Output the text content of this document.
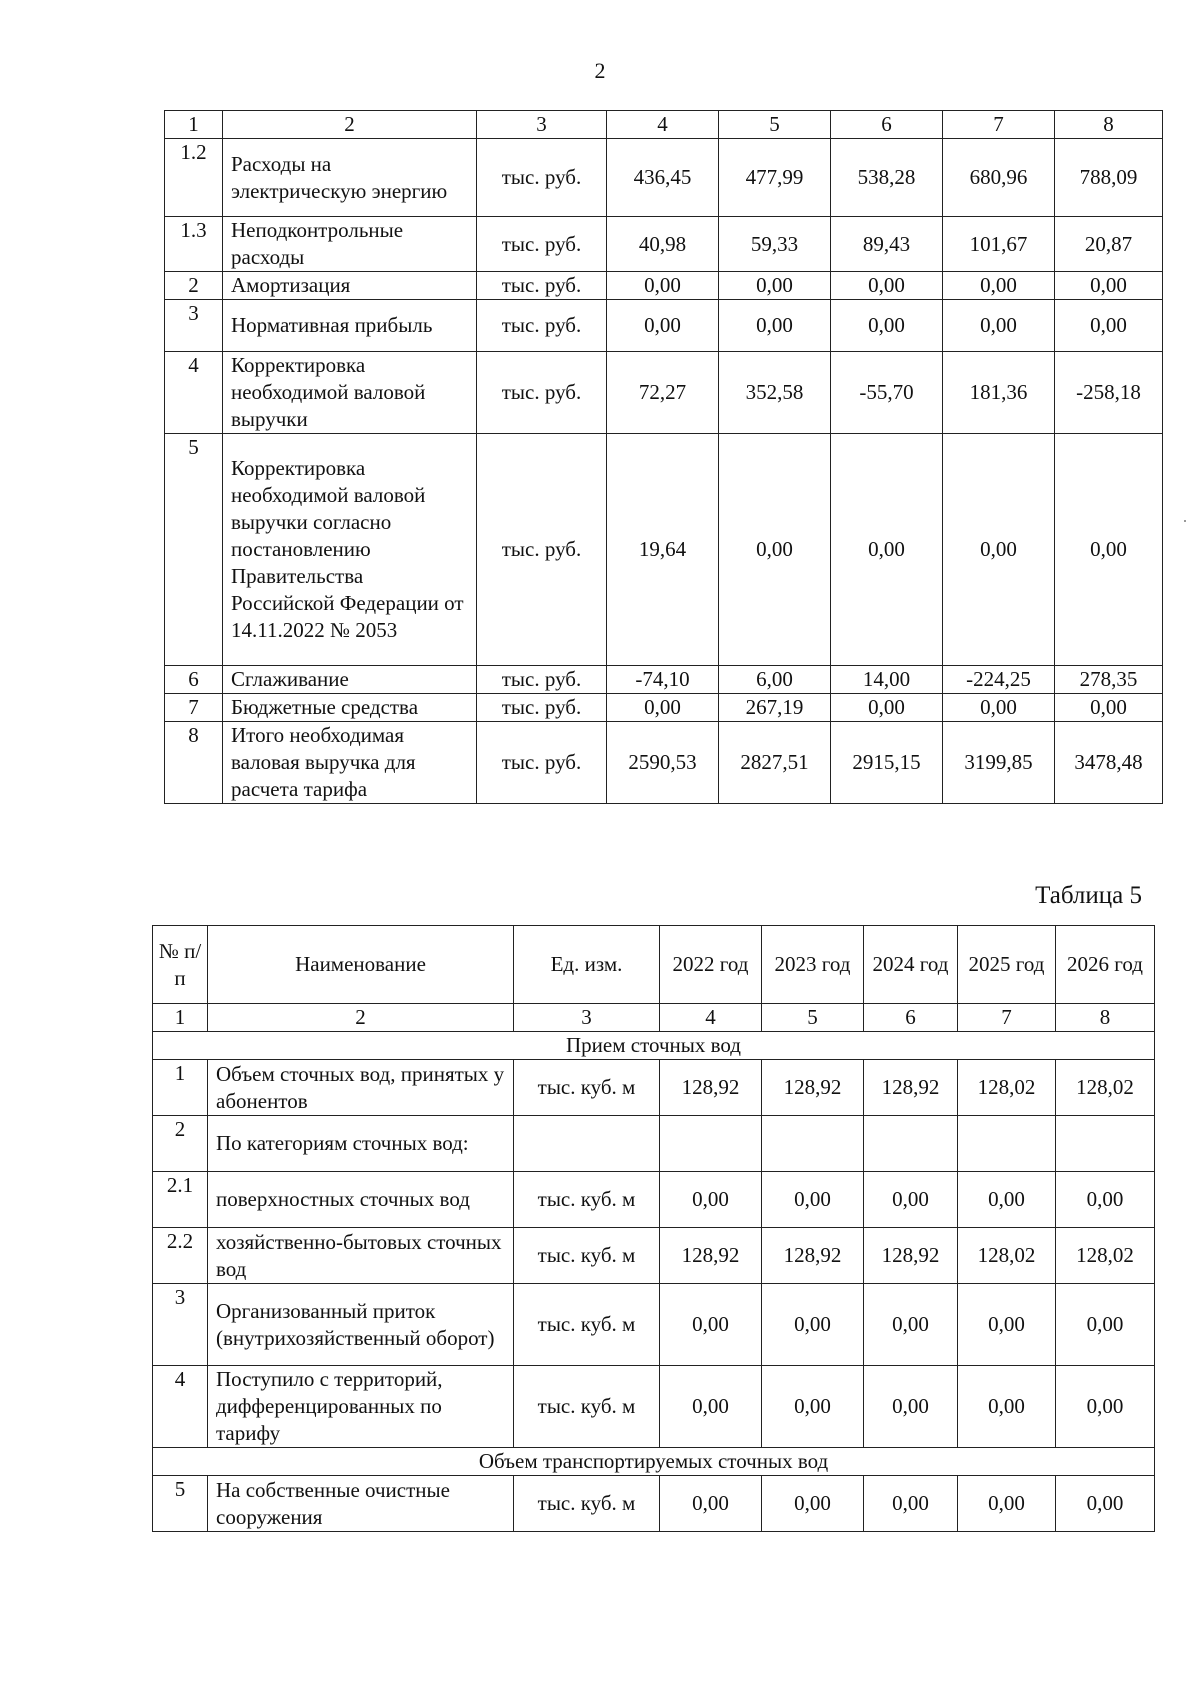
2
1	2	3	4	5	6	7	8
1.2	Расходы на электрическую энергию	тыс. руб.	436,45	477,99	538,28	680,96	788,09
1.3	Неподконтрольные расходы	тыс. руб.	40,98	59,33	89,43	101,67	20,87
2	Амортизация	тыс. руб.	0,00	0,00	0,00	0,00	0,00
3	Нормативная прибыль	тыс. руб.	0,00	0,00	0,00	0,00	0,00
4	Корректировка необходимой валовой выручки	тыс. руб.	72,27	352,58	-55,70	181,36	-258,18
5	Корректировка необходимой валовой выручки согласно постановлению Правительства Российской Федерации от 14.11.2022 № 2053	тыс. руб.	19,64	0,00	0,00	0,00	0,00
6	Сглаживание	тыс. руб.	-74,10	6,00	14,00	-224,25	278,35
7	Бюджетные средства	тыс. руб.	0,00	267,19	0,00	0,00	0,00
8	Итого необходимая валовая выручка для расчета тарифа	тыс. руб.	2590,53	2827,51	2915,15	3199,85	3478,48
Таблица 5
№ п/ п	Наименование	Ед. изм.	2022 год	2023 год	2024 год	2025 год	2026 год
1	2	3	4	5	6	7	8
Прием сточных вод							
1	Объем сточных вод, принятых у абонентов	тыс. куб. м	128,92	128,92	128,92	128,02	128,02
2	По категориям сточных вод:						
2.1	поверхностных сточных вод	тыс. куб. м	0,00	0,00	0,00	0,00	0,00
2.2	хозяйственно-бытовых сточных вод	тыс. куб. м	128,92	128,92	128,92	128,02	128,02
3	Организованный приток (внутрихозяйственный оборот)	тыс. куб. м	0,00	0,00	0,00	0,00	0,00
4	Поступило с территорий, дифференцированных по тарифу	тыс. куб. м	0,00	0,00	0,00	0,00	0,00
Объем транспортируемых сточных вод							
5	На собственные очистные сооружения	тыс. куб. м	0,00	0,00	0,00	0,00	0,00
